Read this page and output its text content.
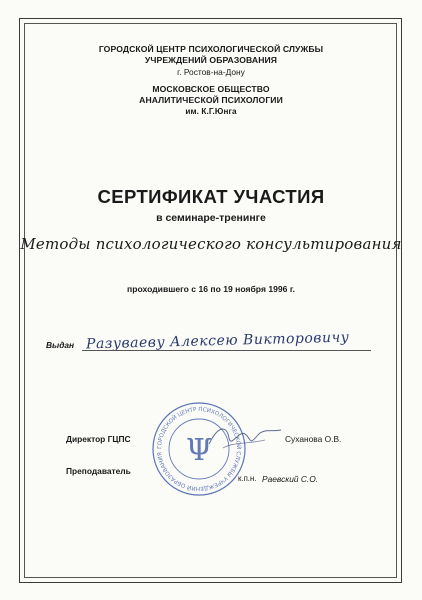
ГОРОДСКОЙ ЦЕНТР ПСИХОЛОГИЧЕСКОЙ СЛУЖБЫ
УЧРЕЖДЕНИЙ ОБРАЗОВАНИЯ
г. Ростов-на-Дону
МОСКОВСКОЕ ОБЩЕСТВО
АНАЛИТИЧЕСКОЙ ПСИХОЛОГИИ
им. К.Г.Юнга
СЕРТИФИКАТ УЧАСТИЯ
в семинаре-тренинге
Методы психологического консультирования
проходившего с 16 по 19 ноября 1996 г.
Выдан Разуваеву Алексею Викторовичу
ГОРОДСКОЙ ЦЕНТР ПСИХОЛОГИЧЕСКОЙ СЛУЖБЫ УЧРЕЖДЕНИЙ ОБРАЗОВАНИЯ Ψ
Директор ГЦПС	Суханова О.В.
Преподаватель
к.п.н. Раевский С.О.
